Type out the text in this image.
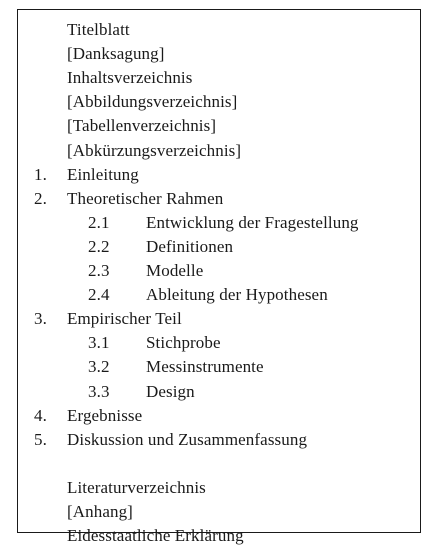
Titelblatt
[Danksagung]
Inhaltsverzeichnis
[Abbildungsverzeichnis]
[Tabellenverzeichnis]
[Abkürzungsverzeichnis]
1. Einleitung
2. Theoretischer Rahmen
2.1 Entwicklung der Fragestellung
2.2 Definitionen
2.3 Modelle
2.4 Ableitung der Hypothesen
3. Empirischer Teil
3.1 Stichprobe
3.2 Messinstrumente
3.3 Design
4. Ergebnisse
5. Diskussion und Zusammenfassung
Literaturverzeichnis
[Anhang]
Eidesstaatliche Erklärung
